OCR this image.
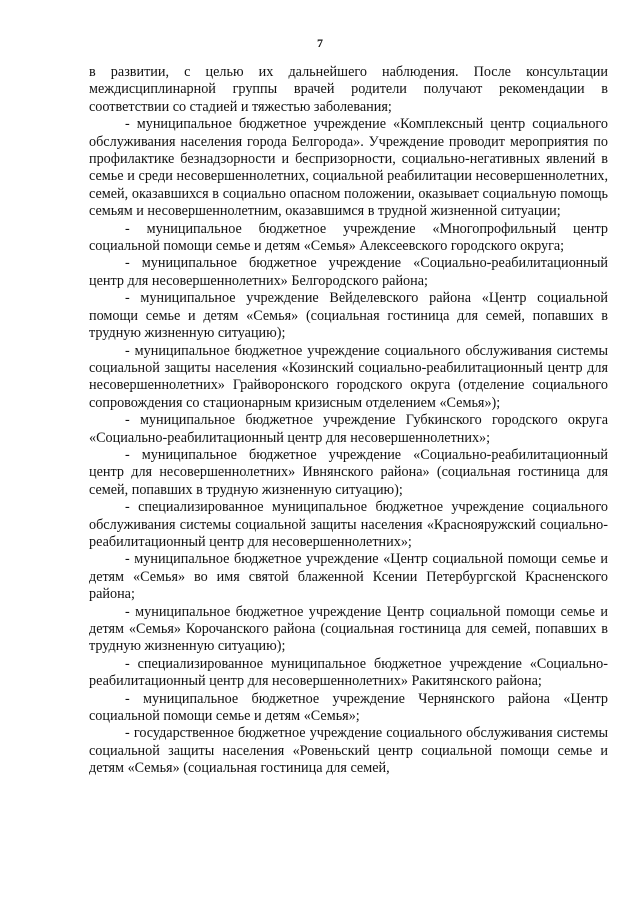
7

в развитии, с целью их дальнейшего наблюдения. После консультации междисциплинарной группы врачей родители получают рекомендации в соответствии со стадией и тяжестью заболевания;

- муниципальное бюджетное учреждение «Комплексный центр социального обслуживания населения города Белгорода». Учреждение проводит мероприятия по профилактике безнадзорности и беспризорности, социально-негативных явлений в семье и среди несовершеннолетних, социальной реабилитации несовершеннолетних, семей, оказавшихся в социально опасном положении, оказывает социальную помощь семьям и несовершеннолетним, оказавшимся в трудной жизненной ситуации;

- муниципальное бюджетное учреждение «Многопрофильный центр социальной помощи семье и детям «Семья» Алексеевского городского округа;

- муниципальное бюджетное учреждение «Социально-реабилитационный центр для несовершеннолетних» Белгородского района;

- муниципальное учреждение Вейделевского района «Центр социальной помощи семье и детям «Семья» (социальная гостиница для семей, попавших в трудную жизненную ситуацию);

- муниципальное бюджетное учреждение социального обслуживания системы социальной защиты населения «Козинский социально-реабилитационный центр для несовершеннолетних» Грайворонского городского округа (отделение социального сопровождения со стационарным кризисным отделением «Семья»);

- муниципальное бюджетное учреждение Губкинского городского округа «Социально-реабилитационный центр для несовершеннолетних»;

- муниципальное бюджетное учреждение «Социально-реабилитационный центр для несовершеннолетних» Ивнянского района» (социальная гостиница для семей, попавших в трудную жизненную ситуацию);

- специализированное муниципальное бюджетное учреждение социального обслуживания системы социальной защиты населения «Краснояружский социально-реабилитационный центр для несовершеннолетних»;

- муниципальное бюджетное учреждение «Центр социальной помощи семье и детям «Семья» во имя святой блаженной Ксении Петербургской Красненского района;

- муниципальное бюджетное учреждение Центр социальной помощи семье и детям «Семья» Корочанского района (социальная гостиница для семей, попавших в трудную жизненную ситуацию);

- специализированное муниципальное бюджетное учреждение «Социально-реабилитационный центр для несовершеннолетних» Ракитянского района;

- муниципальное бюджетное учреждение Чернянского района «Центр социальной помощи семье и детям «Семья»;

- государственное бюджетное учреждение социального обслуживания системы социальной защиты населения «Ровеньский центр социальной помощи семье и детям «Семья» (социальная гостиница для семей,
